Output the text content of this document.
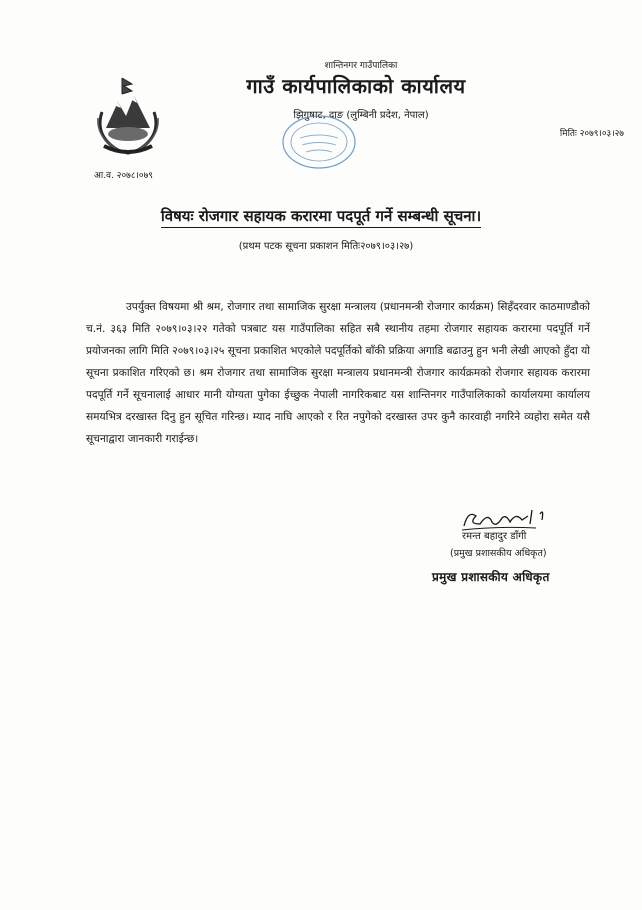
शान्तिनगर गाउँपालिका
गाउँ कार्यपालिकाको कार्यालय
झिगुषाट, दाङ (लुम्बिनी प्रदेश, नेपाल)
मितिः २०७९।०३।२७
आ.व. २०७८।०७९
विषयः रोजगार सहायक करारमा पदपूर्त गर्ने सम्बन्धी सूचना।
(प्रथम पटक सूचना प्रकाशन मितिः२०७९।०३।२७)

उपर्युक्त विषयमा श्री श्रम, रोजगार तथा सामाजिक सुरक्षा मन्त्रालय (प्रधानमन्त्री रोजगार कार्यक्रम) सिहँदरवार काठमाण्डौको च.नं. ३६३ मिति २०७९।०३।२२ गतेको पत्रबाट यस गाउँपालिका सहित सबै स्थानीय तहमा रोजगार सहायक करारमा पदपूर्ति गर्ने प्रयोजनका लागि मिति २०७९।०३।२५ सूचना प्रकाशित भएकोले पदपूर्तिको बाँकी प्रक्रिया अगाडि बढाउनु हुन भनी लेखी आएको हुँदा यो सूचना प्रकाशित गरिएको छ। श्रम रोजगार तथा सामाजिक सुरक्षा मन्त्रालय प्रधानमन्त्री रोजगार कार्यक्रमको रोजगार सहायक करारमा पदपूर्ति गर्ने सूचनालाई आधार मानी योग्यता पुगेका ईच्छुक नेपाली नागरिकबाट यस शान्तिनगर गाउँपालिकाको कार्यालयमा कार्यालय समयभित्र दरखास्त दिनु हुन सूचित गरिन्छ। म्याद नाघि आएको र रित नपुगेको दरखास्त उपर कुनै कारवाही नगरिने व्यहोरा समेत यसै सूचनाद्वारा जानकारी गराईन्छ।

रमन्त बहादुर डाँगी
(प्रमुख प्रशासकीय अधिकृत)
प्रमुख प्रशासकीय अधिकृत
